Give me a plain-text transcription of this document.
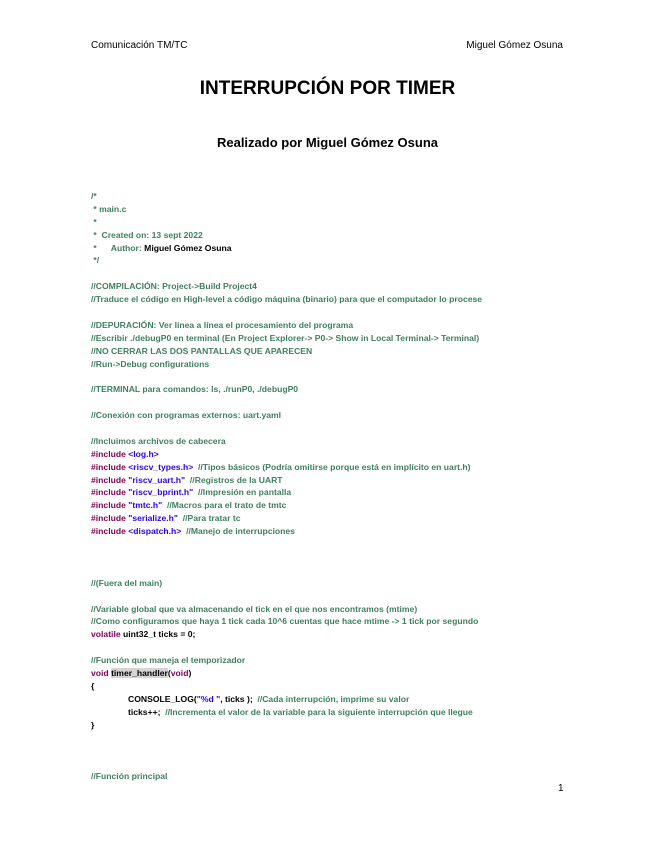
Comunicación TM/TC	Miguel Gómez Osuna
INTERRUPCIÓN POR TIMER
Realizado por Miguel Gómez Osuna
/*
* main.c
*
*  Created on: 13 sept 2022
* Author: Miguel Gómez Osuna
*/
//COMPILACIÓN: Project->Build Project4
//Traduce el código en High-level a código máquina (binario) para que el computador lo procese
//DEPURACIÓN: Ver línea a línea el procesamiento del programa
//Escribir ./debugP0 en terminal (En Project Explorer-> P0-> Show in Local Terminal-> Terminal)
//NO CERRAR LAS DOS PANTALLAS QUE APARECEN
//Run->Debug configurations
//TERMINAL para comandos: ls, ./runP0, ./debugP0
//Conexión con programas externos: uart.yaml
//Incluimos archivos de cabecera
#include <log.h>
#include <riscv_types.h> //Tipos básicos (Podría omitirse porque está en implícito en uart.h)
#include "riscv_uart.h" //Registros de la UART
#include "riscv_bprint.h" //Impresión en pantalla
#include "tmtc.h" //Macros para el trato de tmtc
#include "serialize.h" //Para tratar tc
#include <dispatch.h> //Manejo de interrupciones
//(Fuera del main)
//Variable global que va almacenando el tick en el que nos encontramos (mtime)
//Como configuramos que haya 1 tick cada 10^6 cuentas que hace mtime -> 1 tick por segundo
volatile uint32_t ticks = 0;
//Función que maneja el temporizador
void timer_handler(void)
{
CONSOLE_LOG("%d ", ticks );  //Cada interrupción, imprime su valor
ticks++;  //Incrementa el valor de la variable para la siguiente interrupción que llegue
}
//Función principal
1
